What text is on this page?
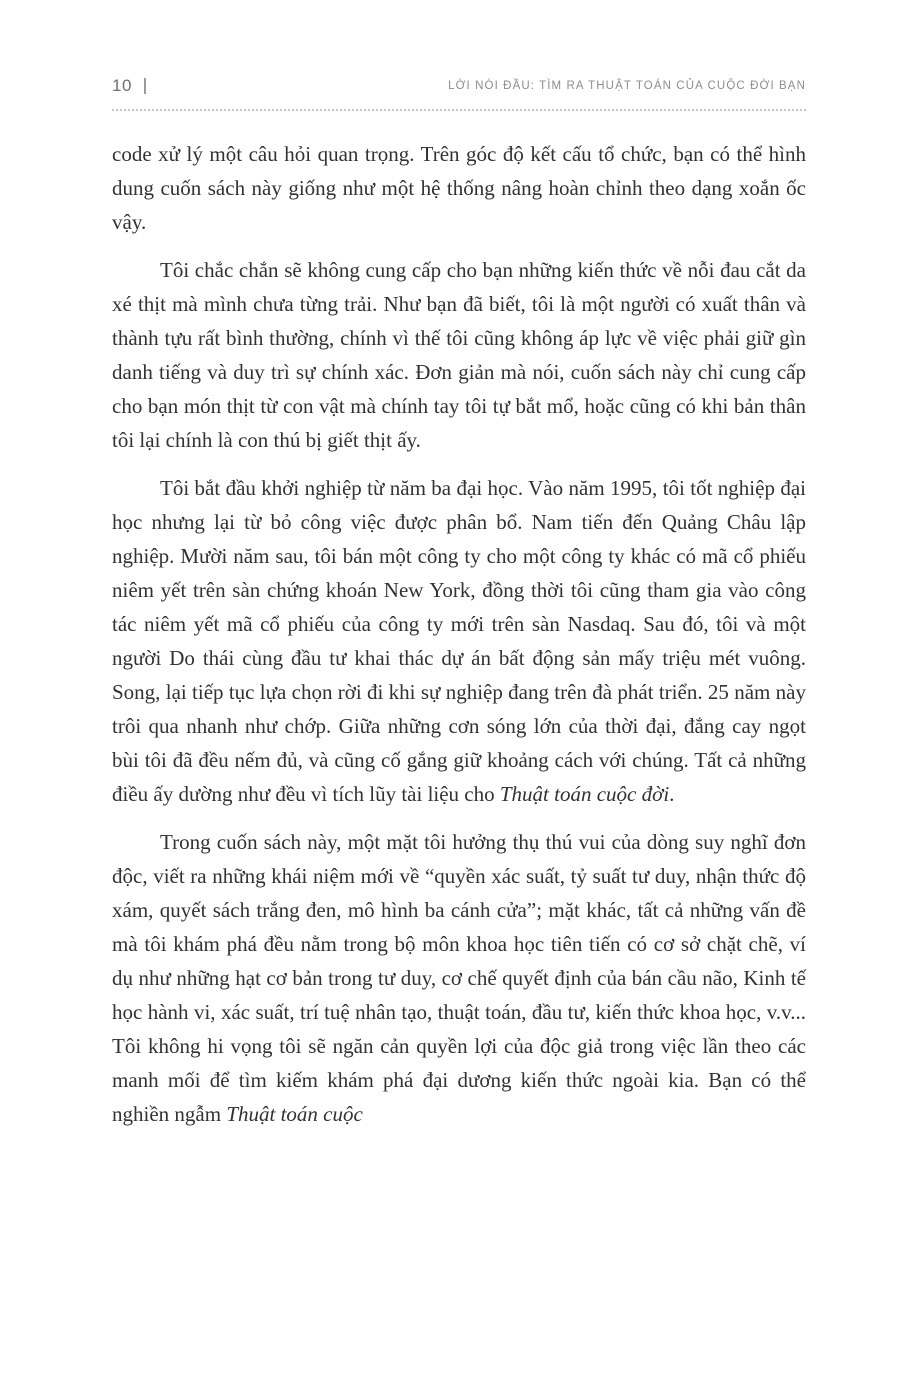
10	LỜI NÓI ĐẦU: TÌM RA THUẬT TOÁN CỦA CUỘC ĐỜI BẠN

code xử lý một câu hỏi quan trọng. Trên góc độ kết cấu tổ chức, bạn có thể hình dung cuốn sách này giống như một hệ thống nâng hoàn chỉnh theo dạng xoắn ốc vậy.

Tôi chắc chắn sẽ không cung cấp cho bạn những kiến thức về nỗi đau cắt da xé thịt mà mình chưa từng trải. Như bạn đã biết, tôi là một người có xuất thân và thành tựu rất bình thường, chính vì thế tôi cũng không áp lực về việc phải giữ gìn danh tiếng và duy trì sự chính xác. Đơn giản mà nói, cuốn sách này chỉ cung cấp cho bạn món thịt từ con vật mà chính tay tôi tự bắt mổ, hoặc cũng có khi bản thân tôi lại chính là con thú bị giết thịt ấy.

Tôi bắt đầu khởi nghiệp từ năm ba đại học. Vào năm 1995, tôi tốt nghiệp đại học nhưng lại từ bỏ công việc được phân bổ. Nam tiến đến Quảng Châu lập nghiệp. Mười năm sau, tôi bán một công ty cho một công ty khác có mã cổ phiếu niêm yết trên sàn chứng khoán New York, đồng thời tôi cũng tham gia vào công tác niêm yết mã cổ phiếu của công ty mới trên sàn Nasdaq. Sau đó, tôi và một người Do thái cùng đầu tư khai thác dự án bất động sản mấy triệu mét vuông. Song, lại tiếp tục lựa chọn rời đi khi sự nghiệp đang trên đà phát triển. 25 năm này trôi qua nhanh như chớp. Giữa những cơn sóng lớn của thời đại, đắng cay ngọt bùi tôi đã đều nếm đủ, và cũng cố gắng giữ khoảng cách với chúng. Tất cả những điều ấy dường như đều vì tích lũy tài liệu cho Thuật toán cuộc đời.

Trong cuốn sách này, một mặt tôi hưởng thụ thú vui của dòng suy nghĩ đơn độc, viết ra những khái niệm mới về “quyền xác suất, tỷ suất tư duy, nhận thức độ xám, quyết sách trắng đen, mô hình ba cánh cửa”; mặt khác, tất cả những vấn đề mà tôi khám phá đều nằm trong bộ môn khoa học tiên tiến có cơ sở chặt chẽ, ví dụ như những hạt cơ bản trong tư duy, cơ chế quyết định của bán cầu não, Kinh tế học hành vi, xác suất, trí tuệ nhân tạo, thuật toán, đầu tư, kiến thức khoa học, v.v... Tôi không hi vọng tôi sẽ ngăn cản quyền lợi của độc giả trong việc lần theo các manh mối để tìm kiếm khám phá đại dương kiến thức ngoài kia. Bạn có thể nghiền ngẫm Thuật toán cuộc
